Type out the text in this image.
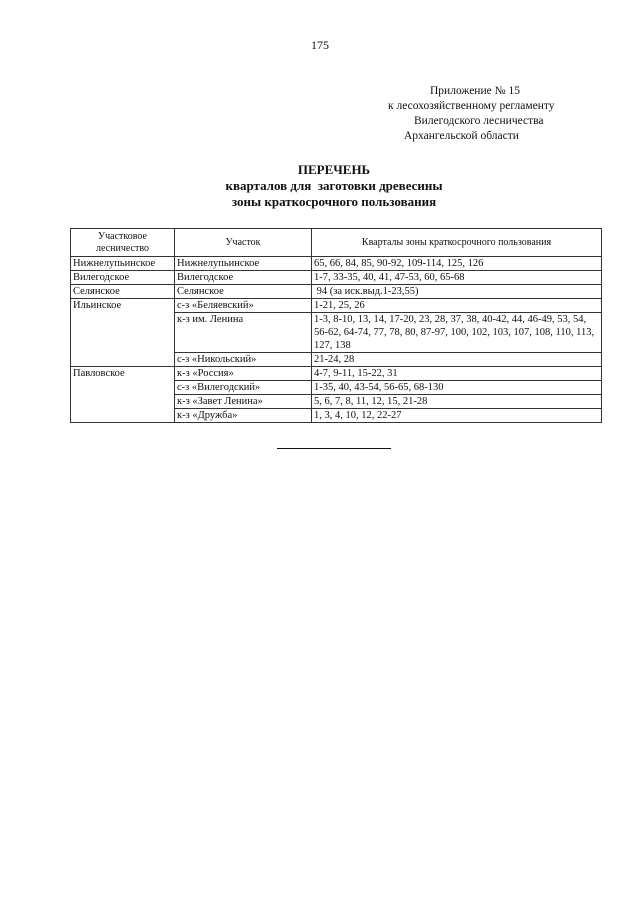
175
Приложение № 15
к лесохозяйственному регламенту
Вилегодского лесничества
Архангельской области
ПЕРЕЧЕНЬ
кварталов для  заготовки древесины
зоны краткосрочного пользования
Участковое лесничество	Участок	Кварталы зоны краткосрочного пользования
Нижнелупьинское	Нижнелупьинское	65, 66, 84, 85, 90-92, 109-114, 125, 126
Вилегодское	Вилегодское	1-7, 33-35, 40, 41, 47-53, 60, 65-68
Селянское	Селянское	94 (за иск.выд.1-23,55)
Ильинское	с-з «Беляевский»	1-21, 25, 26
	к-з им. Ленина	1-3, 8-10, 13, 14, 17-20, 23, 28, 37, 38, 40-42, 44, 46-49, 53, 54, 56-62, 64-74, 77, 78, 80, 87-97, 100, 102, 103, 107, 108, 110, 113, 127, 138
	с-з «Никольский»	21-24, 28
Павловское	к-з «Россия»	4-7, 9-11, 15-22, 31
	с-з «Вилегодский»	1-35, 40, 43-54, 56-65, 68-130
	к-з «Завет Ленина»	5, 6, 7, 8, 11, 12, 15, 21-28
	к-з «Дружба»	1, 3, 4, 10, 12, 22-27
